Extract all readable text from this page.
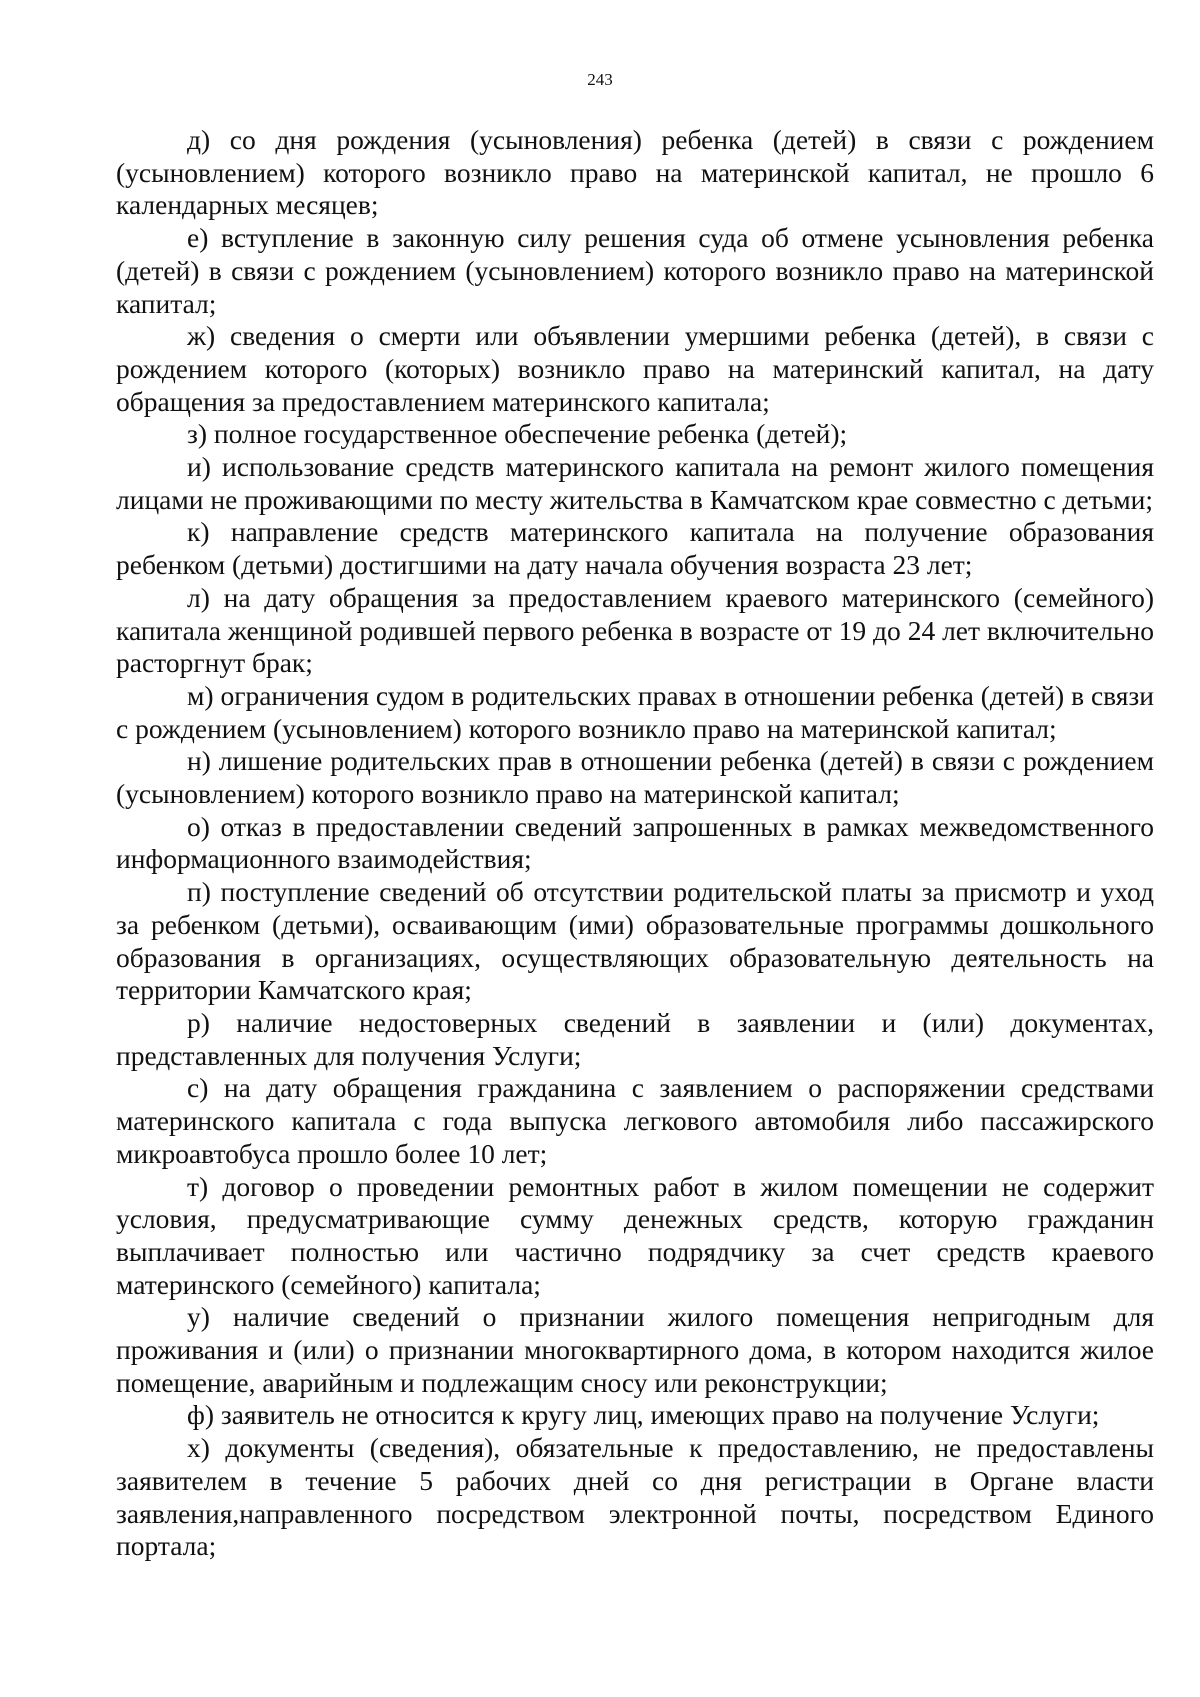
243

д) со дня рождения (усыновления) ребенка (детей) в связи с рождением (усыновлением) которого возникло право на материнской капитал, не прошло 6 календарных месяцев;

е) вступление в законную силу решения суда об отмене усыновления ребенка (детей) в связи с рождением (усыновлением) которого возникло право на материнской капитал;

ж) сведения о смерти или объявлении умершими ребенка (детей), в связи с рождением которого (которых) возникло право на материнский капитал, на дату обращения за предоставлением материнского капитала;

з) полное государственное обеспечение ребенка (детей);

и) использование средств материнского капитала на ремонт жилого помещения лицами не проживающими по месту жительства в Камчатском крае совместно с детьми;

к) направление средств материнского капитала на получение образования ребенком (детьми) достигшими на дату начала обучения возраста 23 лет;

л) на дату обращения за предоставлением краевого материнского (семейного) капитала женщиной родившей первого ребенка в возрасте от 19 до 24 лет включительно расторгнут брак;

м) ограничения судом в родительских правах в отношении ребенка (детей) в связи с рождением (усыновлением) которого возникло право на материнской капитал;

н) лишение родительских прав в отношении ребенка (детей) в связи с рождением (усыновлением) которого возникло право на материнской капитал;

о) отказ в предоставлении сведений запрошенных в рамках межведомственного информационного взаимодействия;

п) поступление сведений об отсутствии родительской платы за присмотр и уход за ребенком (детьми), осваивающим (ими) образовательные программы дошкольного образования в организациях, осуществляющих образовательную деятельность на территории Камчатского края;

р) наличие недостоверных сведений в заявлении и (или) документах, представленных для получения Услуги;

с) на дату обращения гражданина с заявлением о распоряжении средствами материнского капитала с года выпуска легкового автомобиля либо пассажирского микроавтобуса прошло более 10 лет;

т) договор о проведении ремонтных работ в жилом помещении не содержит условия, предусматривающие сумму денежных средств, которую гражданин выплачивает полностью или частично подрядчику за счет средств краевого материнского (семейного) капитала;

у) наличие сведений о признании жилого помещения непригодным для проживания и (или) о признании многоквартирного дома, в котором находится жилое помещение, аварийным и подлежащим сносу или реконструкции;

ф) заявитель не относится к кругу лиц, имеющих право на получение Услуги;

х) документы (сведения), обязательные к предоставлению, не предоставлены заявителем в течение 5 рабочих дней со дня регистрации в Органе власти заявления,направленного посредством электронной почты, посредством Единого портала;
